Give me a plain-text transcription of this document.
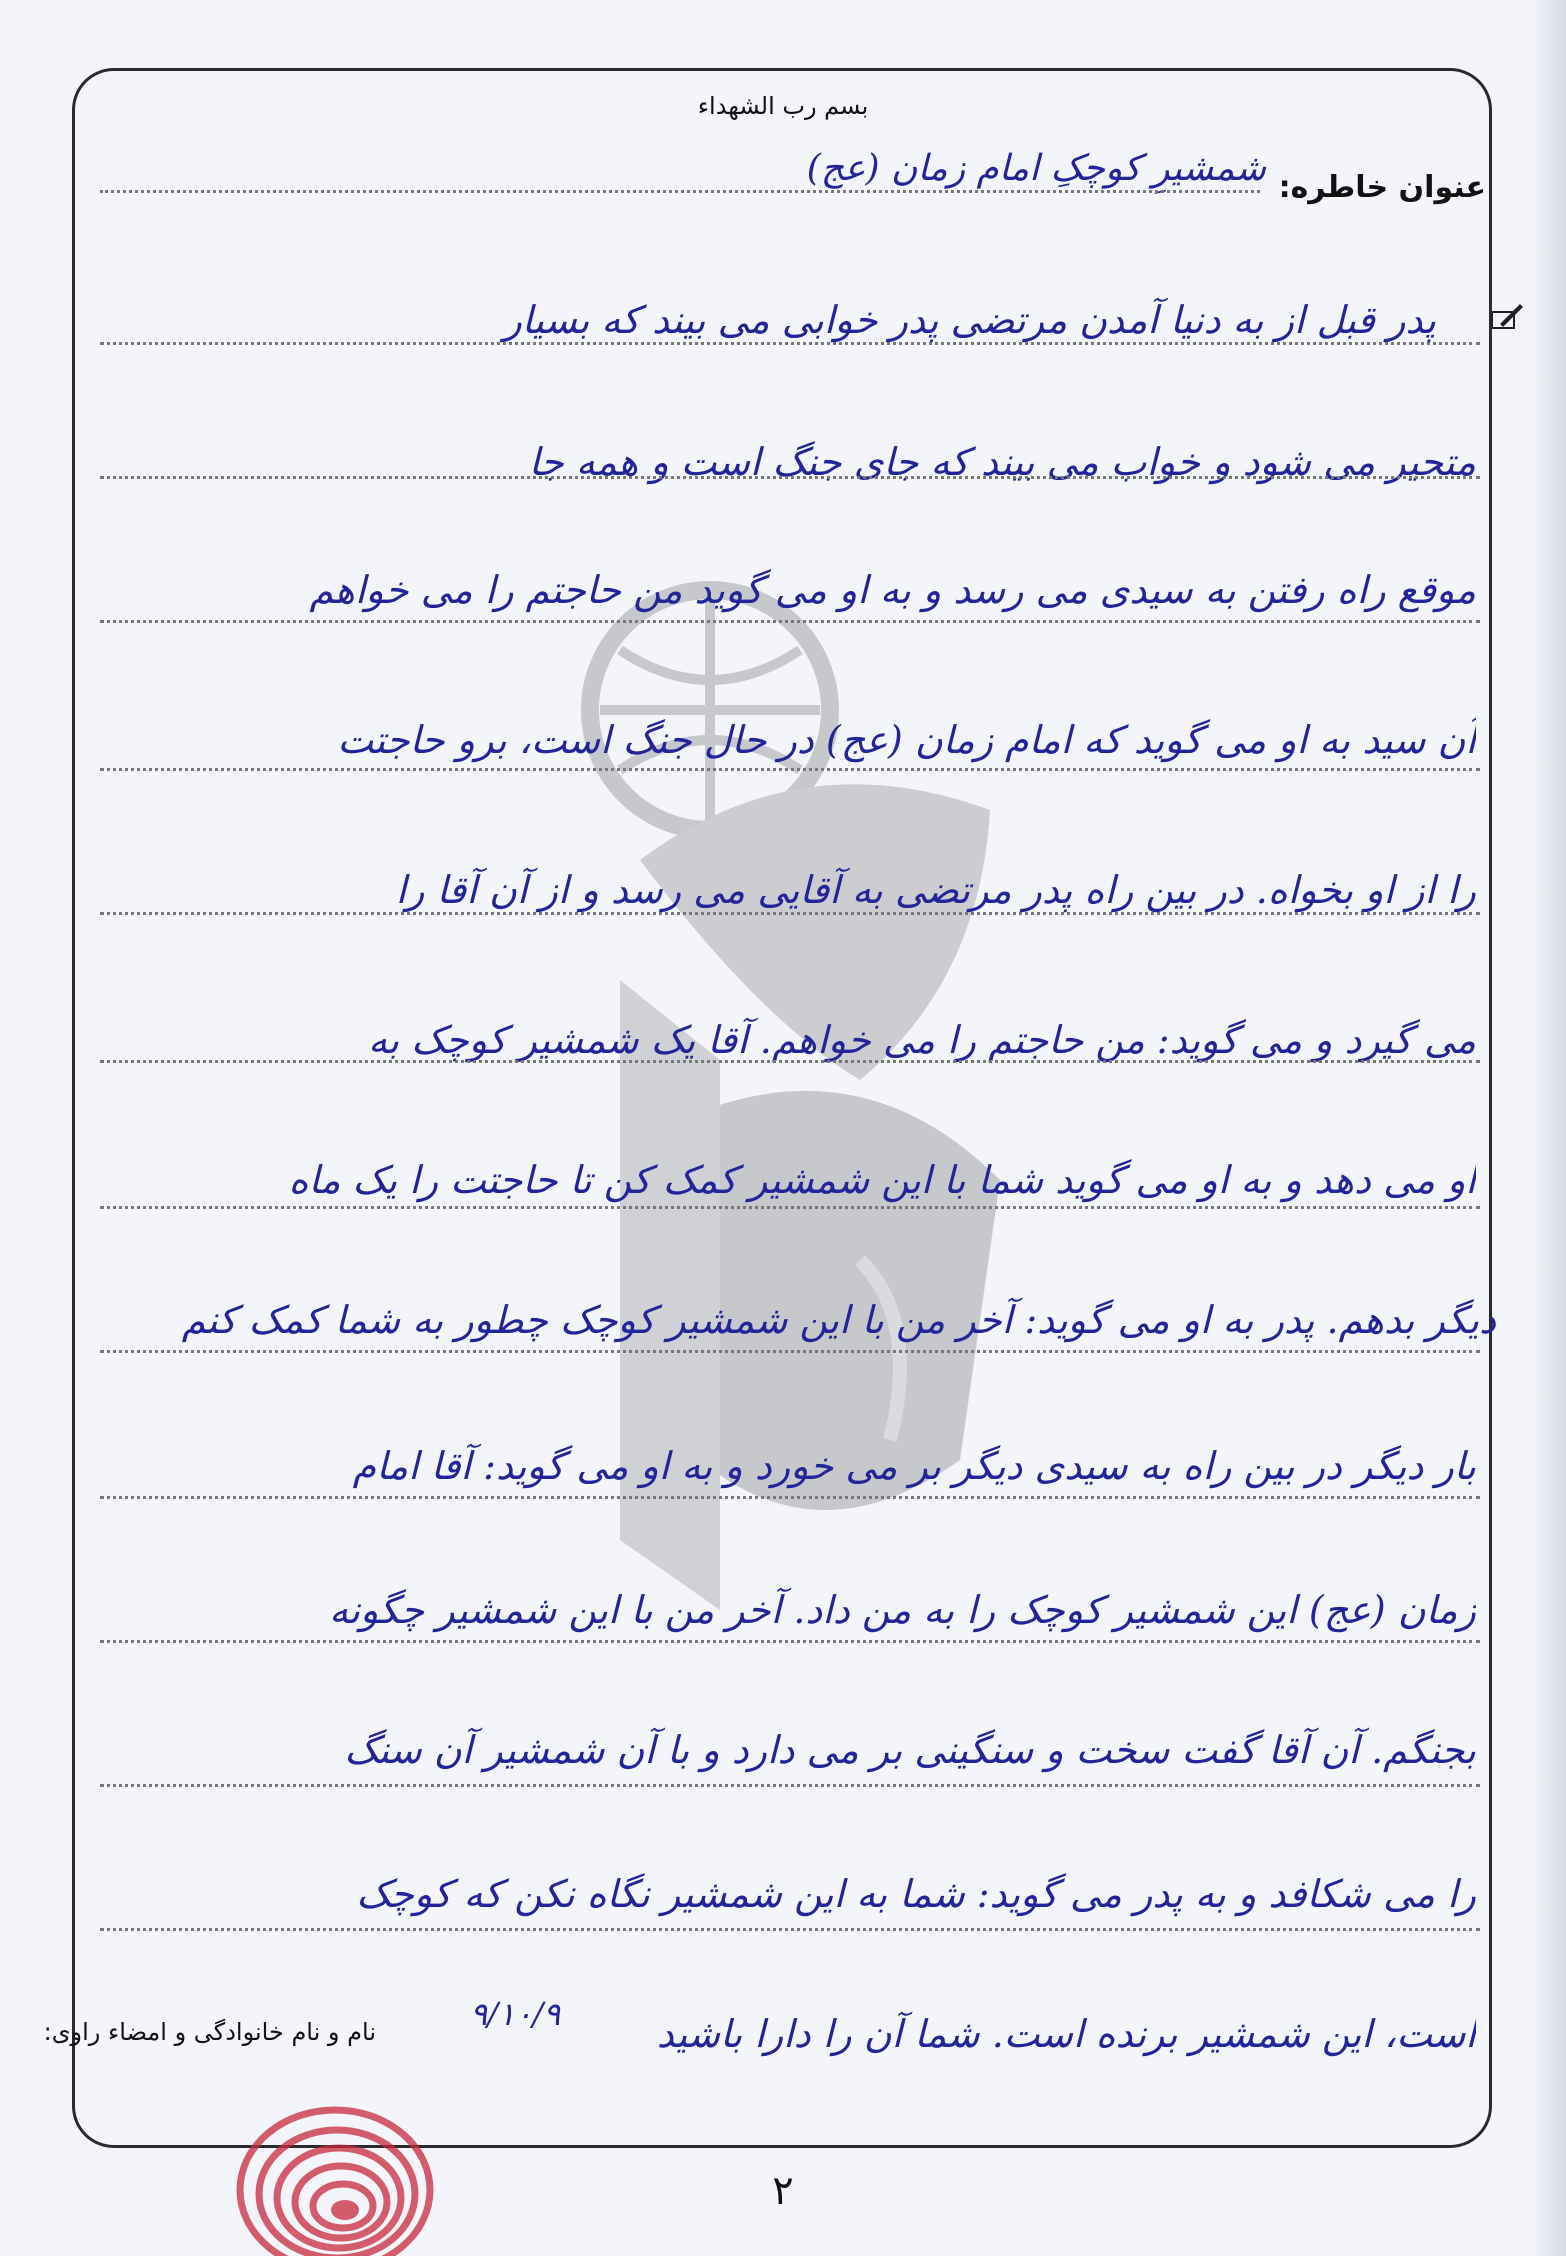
بسم رب الشهداء
عنوان خاطره:
شمشیرِ کوچکِ امام زمان (عج)
پدر قبل از به دنیا آمدن مرتضی پدر خوابی می بیند که بسیار
متحیر می شود و خواب می بیند که جای جنگ است و همه جا
موقع راه رفتن به سیدی می رسد و به او می گوید من حاجتم را می خواهم
آن سید به او می گوید که امام زمان (عج) در حال جنگ است، برو حاجتت
را از او بخواه. در بین راه پدر مرتضی به آقایی می رسد و از آن آقا را
می گیرد و می گوید: من حاجتم را می خواهم. آقا یک شمشیر کوچک به
او می دهد و به او می گوید شما با این شمشیر کمک کن تا حاجتت را یک ماه
دیگر بدهم. پدر به او می گوید: آخر من با این شمشیر کوچک چطور به شما کمک کنم
بار دیگر در بین راه به سیدی دیگر بر می خورد و به او می گوید: آقا امام
زمان (عج) این شمشیر کوچک را به من داد. آخر من با این شمشیر چگونه
بجنگم. آن آقا گفت سخت و سنگینی بر می دارد و با آن شمشیر آن سنگ
را می شکافد و به پدر می گوید: شما به این شمشیر نگاه نکن که کوچک
است، این شمشیر برنده است. شما آن را دارا باشید
نام و نام خانوادگی و امضاء راوی:	۹/۱۰/۹
۲
